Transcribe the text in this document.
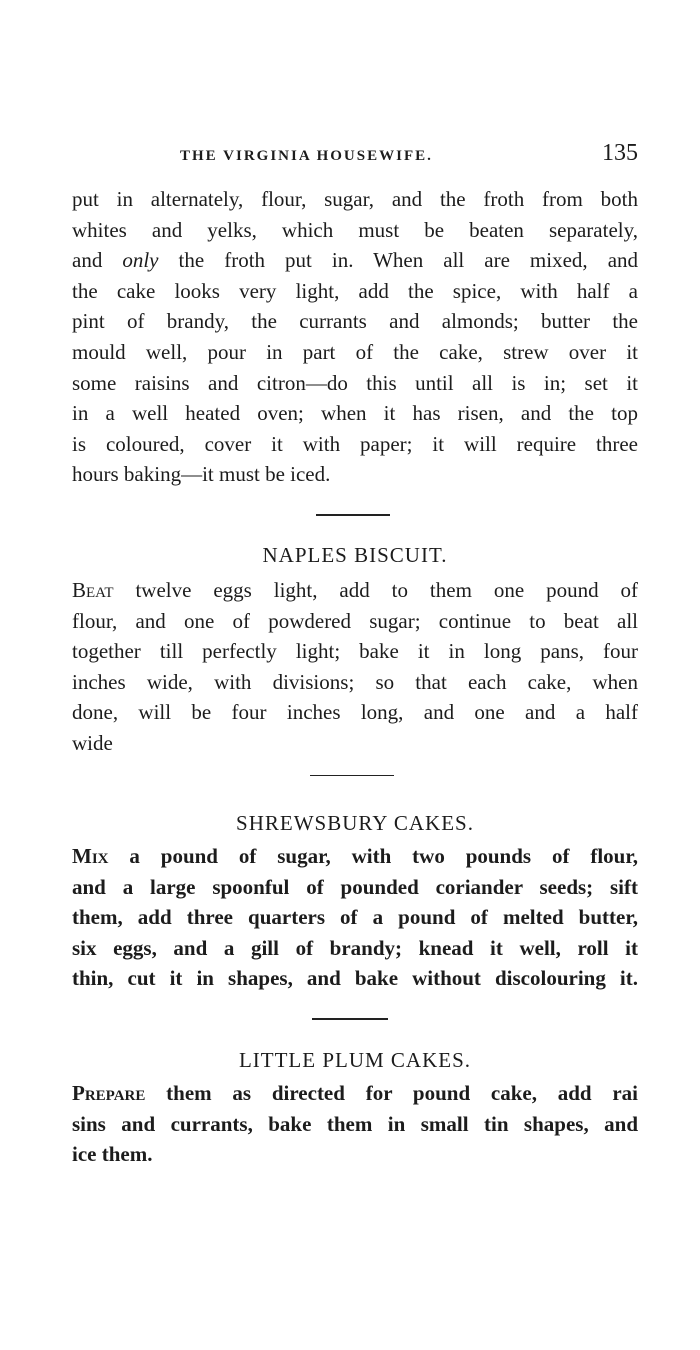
THE VIRGINIA HOUSEWIFE.	135
put in alternately, flour, sugar, and the froth from both
whites and yelks, which must be beaten separately,
and only the froth put in. When all are mixed, and
the cake looks very light, add the spice, with half a
pint of brandy, the currants and almonds; butter the
mould well, pour in part of the cake, strew over it
some raisins and citron—do this until all is in; set it
in a well heated oven; when it has risen, and the top
is coloured, cover it with paper; it will require three
hours baking—it must be iced.
NAPLES BISCUIT.
Beat twelve eggs light, add to them one pound of
flour, and one of powdered sugar; continue to beat all
together till perfectly light; bake it in long pans, four
inches wide, with divisions; so that each cake, when
done, will be four inches long, and one and a half
wide
SHREWSBURY CAKES.
Mix a pound of sugar, with two pounds of flour,
and a large spoonful of pounded coriander seeds; sift
them, add three quarters of a pound of melted butter,
six eggs, and a gill of brandy; knead it well, roll it
thin, cut it in shapes, and bake without discolouring it.
LITTLE PLUM CAKES.
Prepare them as directed for pound cake, add rai
sins and currants, bake them in small tin shapes, and
ice them.
